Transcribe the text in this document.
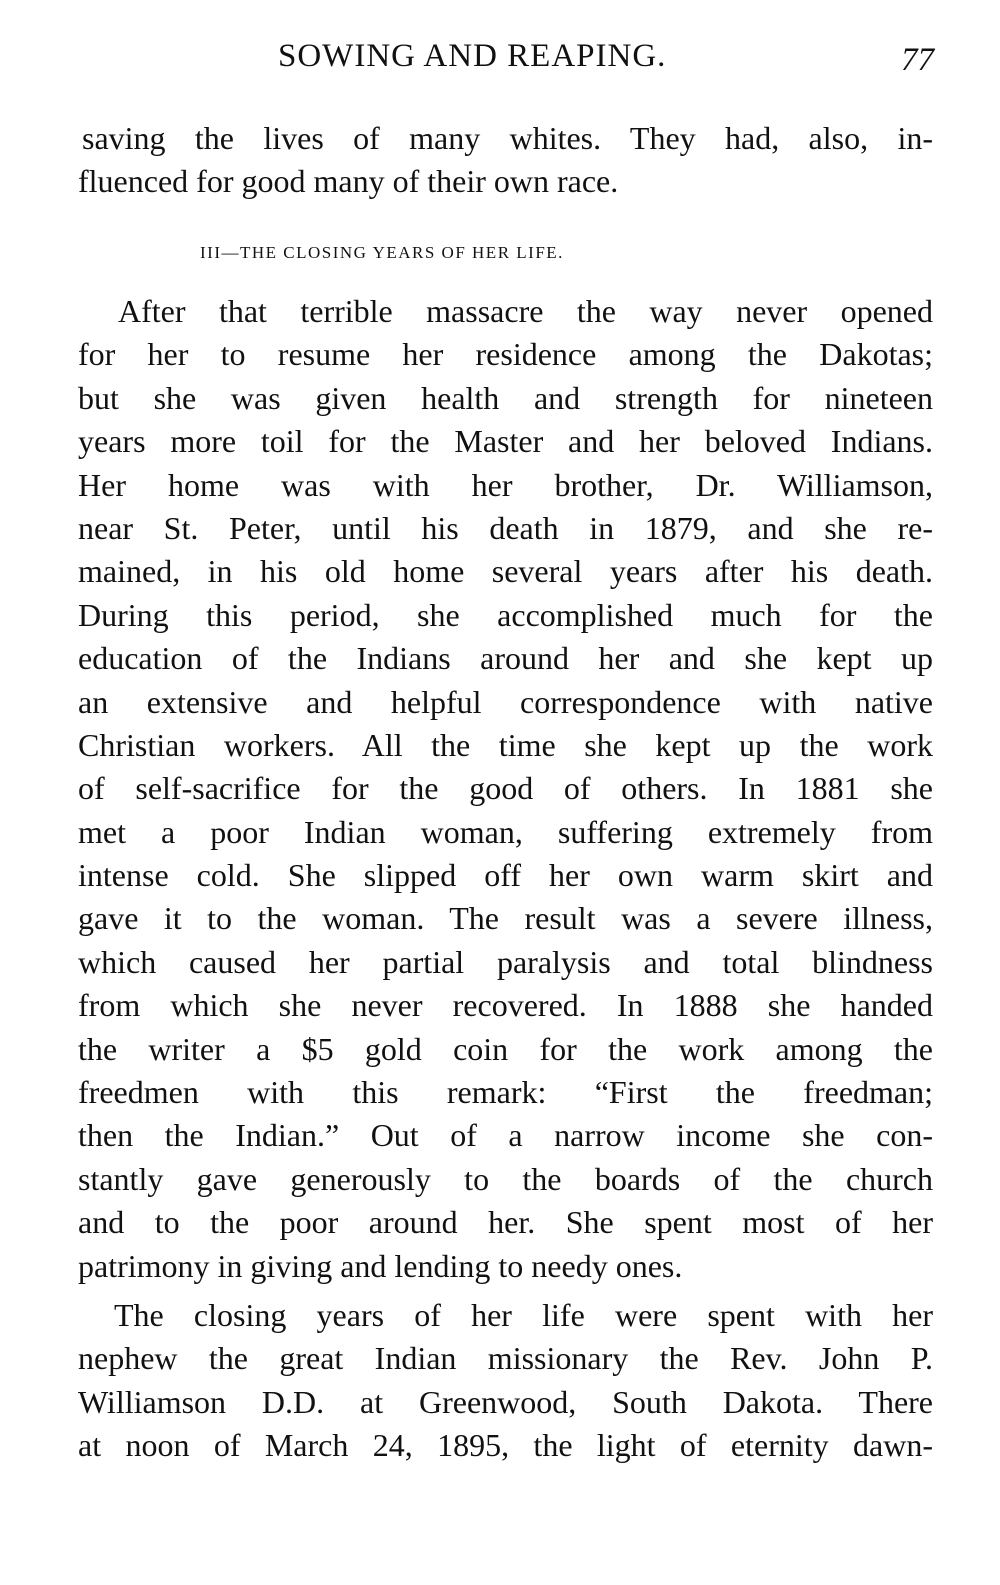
SOWING AND REAPING.	77
saving the lives of many whites. They had, also, in-
fluenced for good many of their own race.
III—THE CLOSING YEARS OF HER LIFE.
After that terrible massacre the way never opened
for her to resume her residence among the Dakotas;
but she was given health and strength for nineteen
years more toil for the Master and her beloved Indians.
Her home was with her brother, Dr. Williamson,
near St. Peter, until his death in 1879, and she re-
mained, in his old home several years after his death.
During this period, she accomplished much for the
education of the Indians around her and she kept up
an extensive and helpful correspondence with native
Christian workers. All the time she kept up the work
of self-sacrifice for the good of others. In 1881 she
met a poor Indian woman, suffering extremely from
intense cold. She slipped off her own warm skirt and
gave it to the woman. The result was a severe illness,
which caused her partial paralysis and total blindness
from which she never recovered. In 1888 she handed
the writer a $5 gold coin for the work among the
freedmen with this remark: “First the freedman;
then the Indian.” Out of a narrow income she con-
stantly gave generously to the boards of the church
and to the poor around her. She spent most of her
patrimony in giving and lending to needy ones.
The closing years of her life were spent with her
nephew the great Indian missionary the Rev. John P.
Williamson D.D. at Greenwood, South Dakota. There
at noon of March 24, 1895, the light of eternity dawn-
